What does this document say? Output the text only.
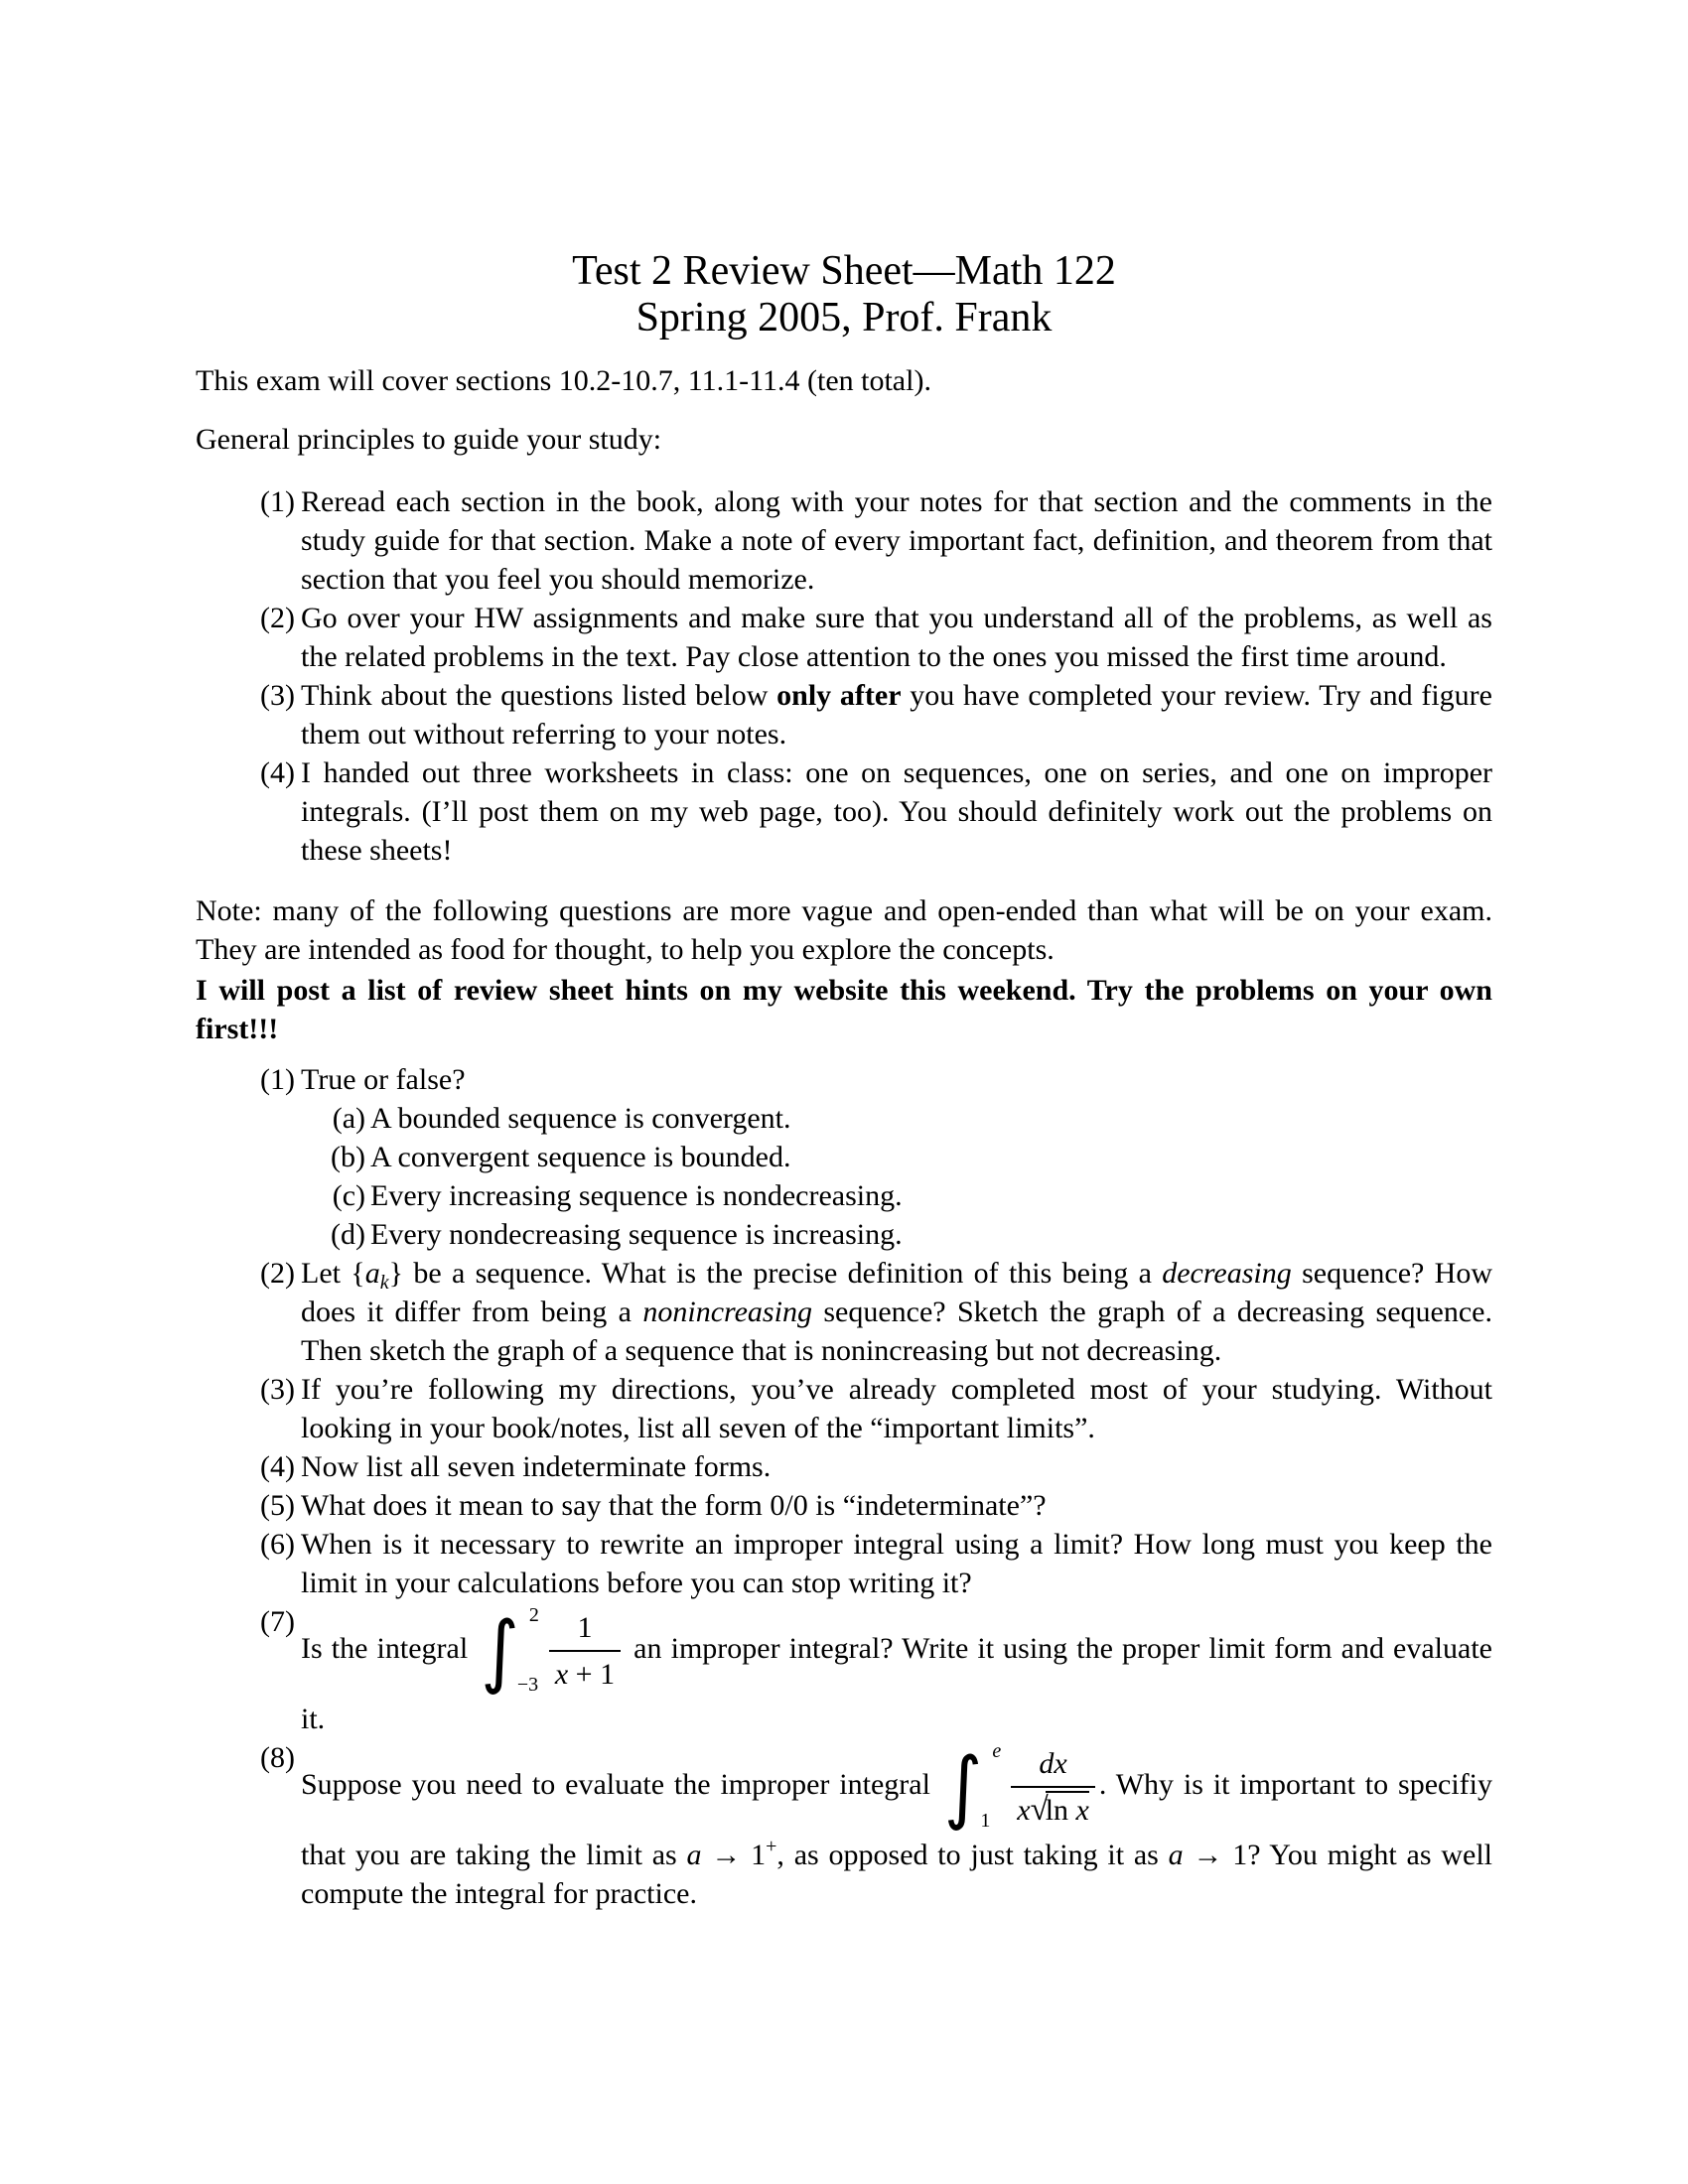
Test 2 Review Sheet—Math 122
Spring 2005, Prof. Frank

This exam will cover sections 10.2-10.7, 11.1-11.4 (ten total).

General principles to guide your study:

(1) Reread each section in the book, along with your notes for that section and the comments in the study guide for that section. Make a note of every important fact, definition, and theorem from that section that you feel you should memorize.
(2) Go over your HW assignments and make sure that you understand all of the problems, as well as the related problems in the text. Pay close attention to the ones you missed the first time around.
(3) Think about the questions listed below only after you have completed your review. Try and figure them out without referring to your notes.
(4) I handed out three worksheets in class: one on sequences, one on series, and one on improper integrals. (I’ll post them on my web page, too). You should definitely work out the problems on these sheets!

Note: many of the following questions are more vague and open-ended than what will be on your exam. They are intended as food for thought, to help you explore the concepts.

I will post a list of review sheet hints on my website this weekend. Try the problems on your own first!!!

(1) True or false?
(a) A bounded sequence is convergent.
(b) A convergent sequence is bounded.
(c) Every increasing sequence is nondecreasing.
(d) Every nondecreasing sequence is increasing.
(2) Let $\{a_k\}$ be a sequence. What is the precise definition of this being a decreasing sequence? How does it differ from being a nonincreasing sequence? Sketch the graph of a decreasing sequence. Then sketch the graph of a sequence that is nonincreasing but not decreasing.
(3) If you’re following my directions, you’ve already completed most of your studying. Without looking in your book/notes, list all seven of the “important limits”.
(4) Now list all seven indeterminate forms.
(5) What does it mean to say that the form 0/0 is “indeterminate”?
(6) When is it necessary to rewrite an improper integral using a limit? How long must you keep the limit in your calculations before you can stop writing it?
(7)
Is the integral ∫ 2
$-3 \frac{1}{x + 1}$ an improper integral? Write it using the proper limit form and evaluate it.
(8)
Suppose you need to evaluate the improper integral ∫ e
$1 \frac{dx}{\text{x√ln x}}$ . Why is it important to specifiy that you are taking the limit as a → 1+, as opposed to just taking it as a → 1? You might as well compute the integral for practice.
